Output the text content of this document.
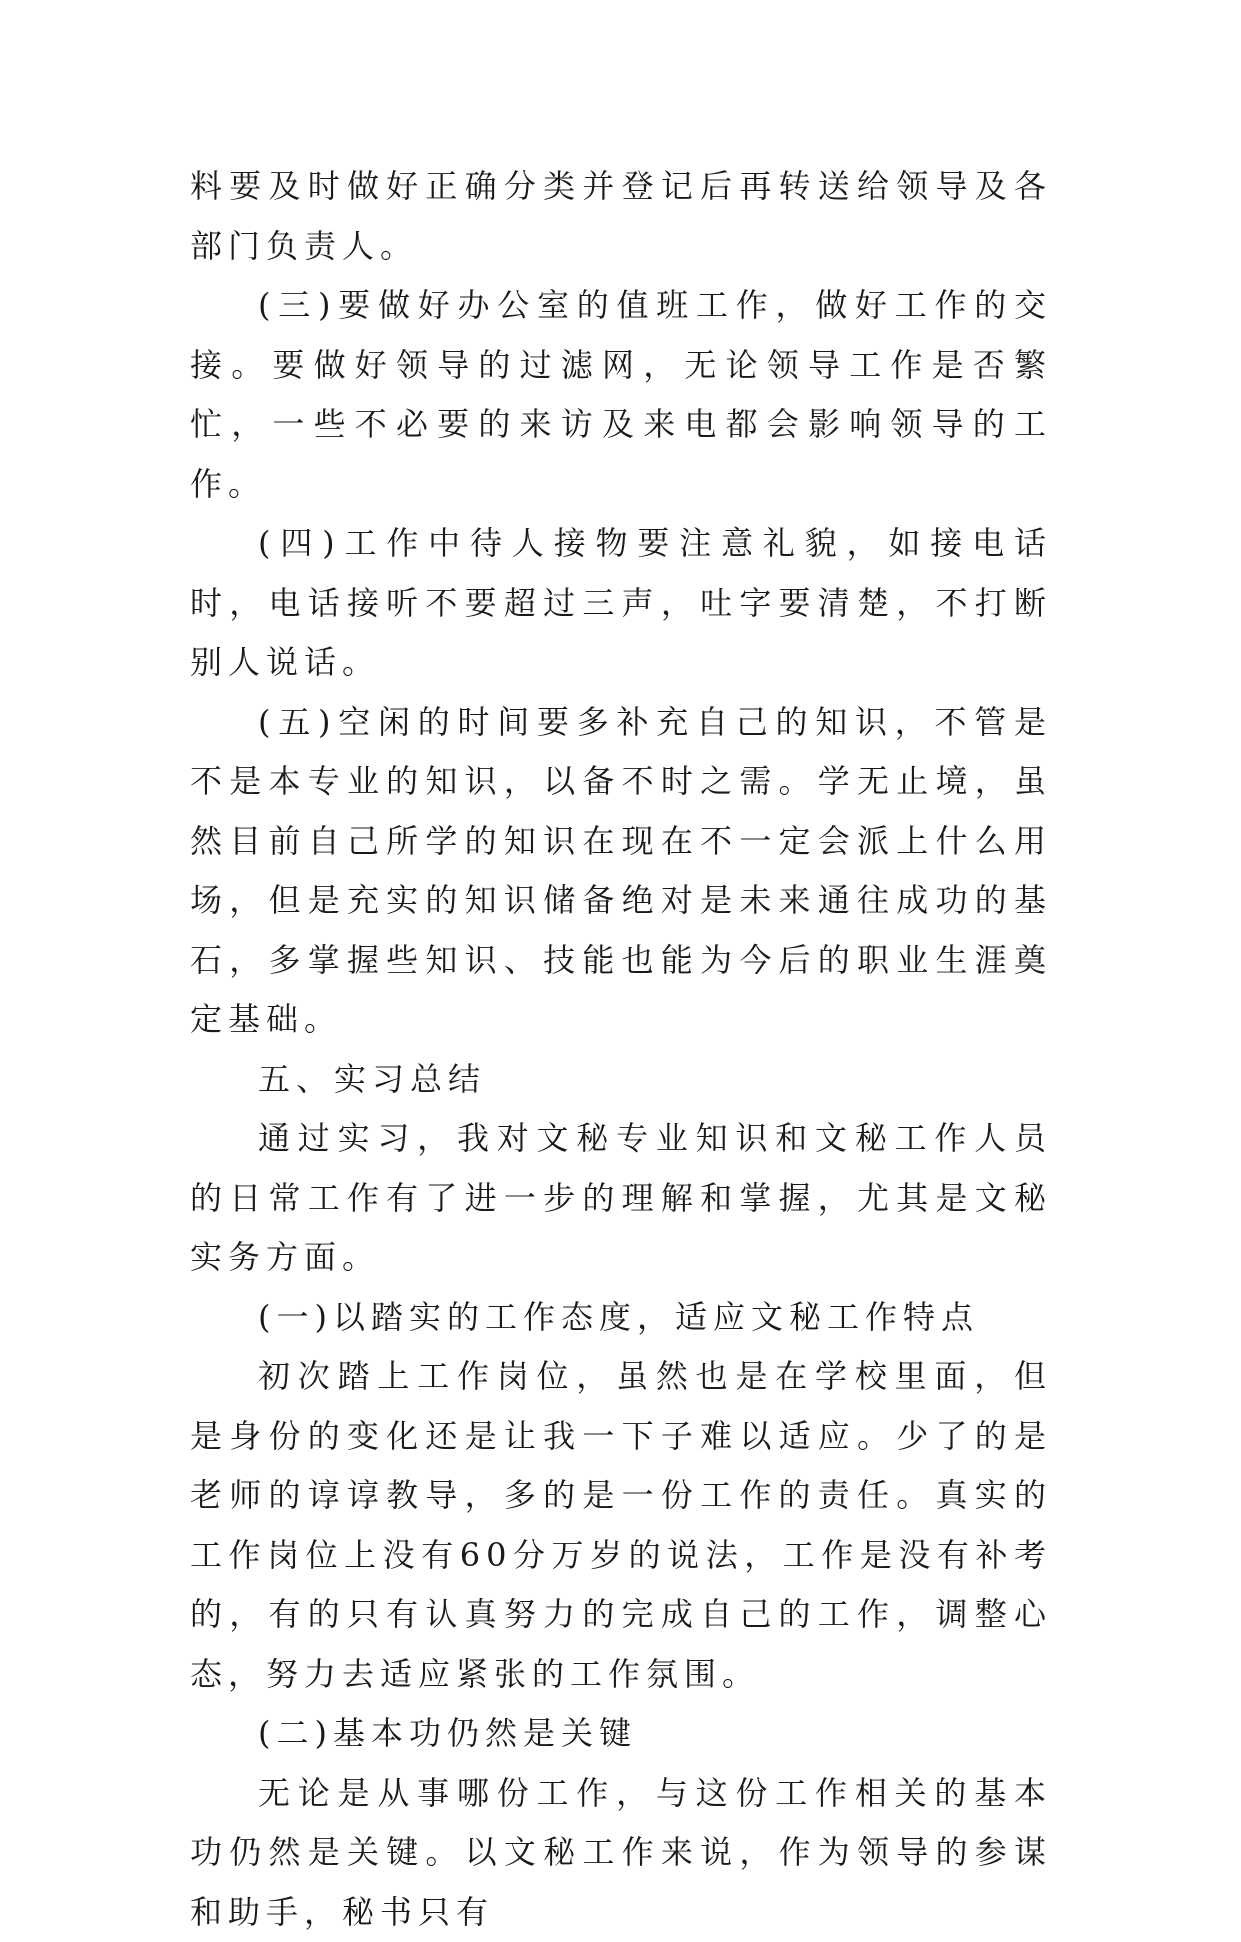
料要及时做好正确分类并登记后再转送给领导及各部门负责人。

(三)要做好办公室的值班工作，做好工作的交接。要做好领导的过滤网，无论领导工作是否繁忙，一些不必要的来访及来电都会影响领导的工作。

(四)工作中待人接物要注意礼貌，如接电话时，电话接听不要超过三声，吐字要清楚，不打断别人说话。

(五)空闲的时间要多补充自己的知识，不管是不是本专业的知识，以备不时之需。学无止境，虽然目前自己所学的知识在现在不一定会派上什么用场，但是充实的知识储备绝对是未来通往成功的基石，多掌握些知识、技能也能为今后的职业生涯奠定基础。

五、实习总结

通过实习，我对文秘专业知识和文秘工作人员的日常工作有了进一步的理解和掌握，尤其是文秘实务方面。

(一)以踏实的工作态度，适应文秘工作特点

初次踏上工作岗位，虽然也是在学校里面，但是身份的变化还是让我一下子难以适应。少了的是老师的谆谆教导，多的是一份工作的责任。真实的工作岗位上没有60分万岁的说法，工作是没有补考的，有的只有认真努力的完成自己的工作，调整心态，努力去适应紧张的工作氛围。

(二)基本功仍然是关键

无论是从事哪份工作，与这份工作相关的基本功仍然是关键。以文秘工作来说，作为领导的参谋和助手，秘书只有
